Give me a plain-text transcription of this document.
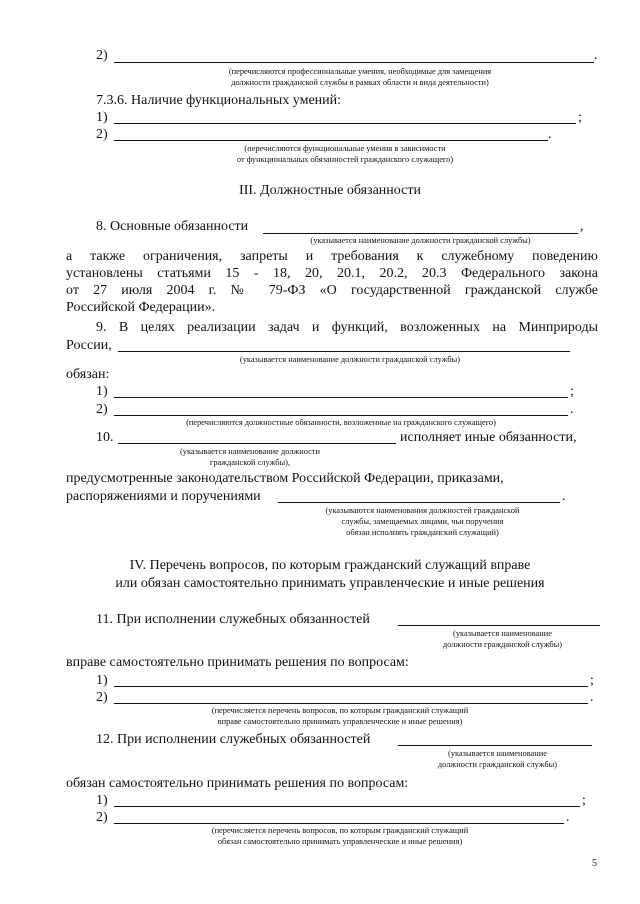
2)	.
(перечисляются профессиональные умения, необходимые для замещения
должности гражданской службы в рамках области и вида деятельности)
7.3.6. Наличие функциональных умений:
1)	;
2)	.
(перечисляются функциональные умения в зависимости
от функциональных обязанностей гражданского служащего)
III. Должностные обязанности
8. Основные обязанности	,
(указывается наименование должности гражданской службы)
а также ограничения, запреты и требования к служебному поведению
установлены статьями 15 - 18, 20, 20.1, 20.2, 20.3 Федерального закона
от 27 июля 2004 г. № 79-ФЗ «О государственной гражданской службе
Российской Федерации».
9. В целях реализации задач и функций, возложенных на Минприроды
России,
(указывается наименование должности гражданской службы)
обязан:
1)	;
2)	.
(перечисляются должностные обязанности, возложенные на гражданского служащего)
10.	исполняет иные обязанности,
(указывается наименование должности
гражданской службы),
предусмотренные законодательством Российской Федерации, приказами,
распоряжениями и поручениями	.
(указываются наименования должностей гражданской
службы, замещаемых лицами, чьи поручения
обязан исполнять гражданский служащий)
IV. Перечень вопросов, по которым гражданский служащий вправе
или обязан самостоятельно принимать управленческие и иные решения
11. При исполнении служебных обязанностей
(указывается наименование
должности гражданской службы)
вправе самостоятельно принимать решения по вопросам:
1)	;
2)	.
(перечисляется перечень вопросов, по которым гражданский служащий
вправе самостоятельно принимать управленческие и иные решения)
12. При исполнении служебных обязанностей
(указывается наименование
должности гражданской службы)
обязан самостоятельно принимать решения по вопросам:
1)	;
2)	.
(перечисляется перечень вопросов, по которым гражданский служащий
обязан самостоятельно принимать управленческие и иные решения)
5
